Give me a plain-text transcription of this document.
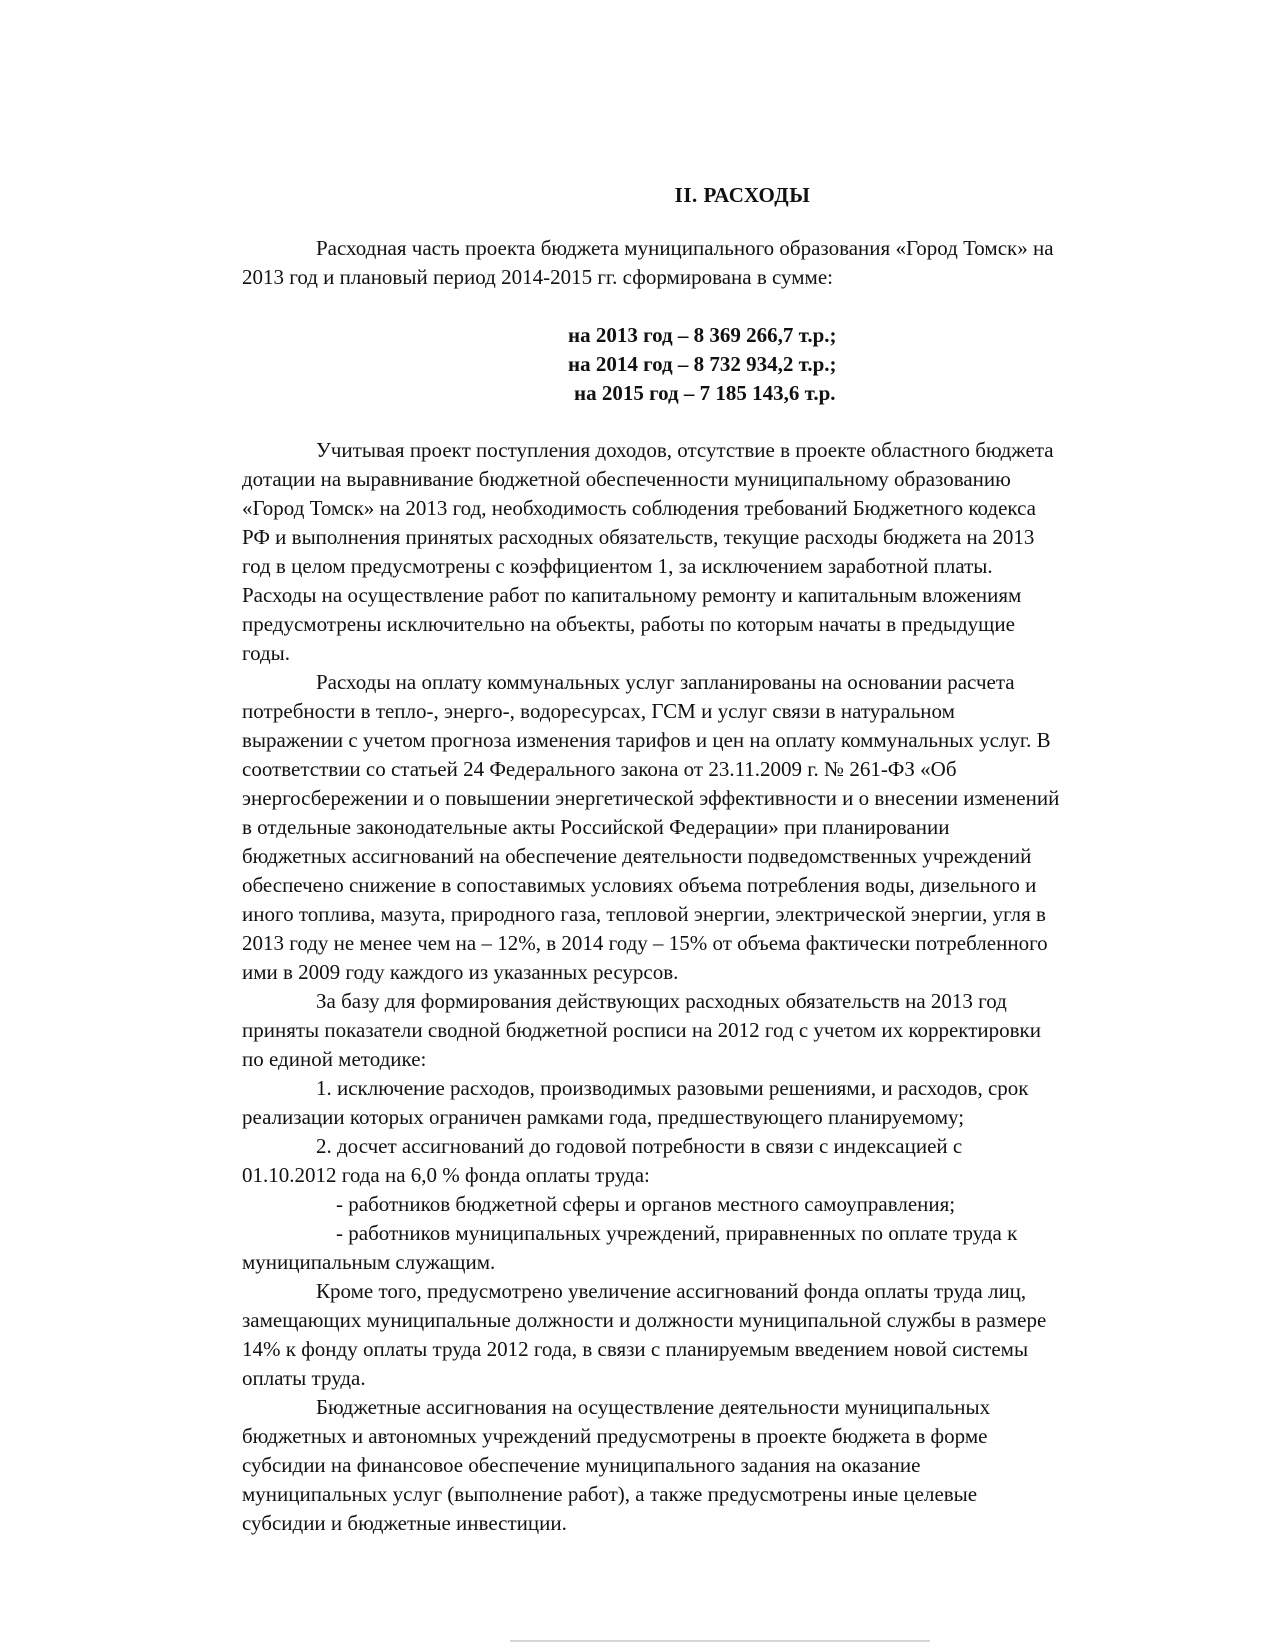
II. РАСХОДЫ
Расходная часть проекта бюджета муниципального образования «Город Томск» на
2013 год и плановый период 2014-2015 гг. сформирована в сумме:
на 2013 год – 8 369 266,7 т.р.;
на 2014 год – 8 732 934,2 т.р.;
на 2015 год – 7 185 143,6 т.р.
Учитывая проект поступления доходов, отсутствие в проекте областного бюджета
дотации на выравнивание бюджетной обеспеченности муниципальному образованию
«Город Томск» на 2013 год, необходимость соблюдения требований Бюджетного кодекса
РФ и выполнения принятых расходных обязательств, текущие расходы бюджета на 2013
год в целом предусмотрены с коэффициентом 1, за исключением заработной платы.
Расходы на осуществление работ по капитальному ремонту и капитальным вложениям
предусмотрены исключительно на объекты, работы по которым начаты в предыдущие
годы.
Расходы на оплату коммунальных услуг запланированы на основании расчета
потребности в тепло-, энерго-, водоресурсах, ГСМ и услуг связи в натуральном
выражении с учетом прогноза изменения тарифов и цен на оплату коммунальных услуг. В
соответствии со статьей 24 Федерального закона от 23.11.2009 г. № 261-ФЗ «Об
энергосбережении и о повышении энергетической эффективности и о внесении изменений
в отдельные законодательные акты Российской Федерации» при планировании
бюджетных ассигнований на обеспечение деятельности подведомственных учреждений
обеспечено снижение в сопоставимых условиях объема потребления воды, дизельного и
иного топлива, мазута, природного газа, тепловой энергии, электрической энергии, угля в
2013 году не менее чем на – 12%, в 2014 году – 15% от объема фактически потребленного
ими в 2009 году каждого из указанных ресурсов.
За базу для формирования действующих расходных обязательств на 2013 год
приняты показатели сводной бюджетной росписи на 2012 год с учетом их корректировки
по единой методике:
1. исключение расходов, производимых разовыми решениями, и расходов, срок
реализации которых ограничен рамками года, предшествующего планируемому;
2. досчет ассигнований до годовой потребности в связи с индексацией с
01.10.2012 года на 6,0 % фонда оплаты труда:
- работников бюджетной сферы и органов местного самоуправления;
- работников муниципальных учреждений, приравненных по оплате труда к
муниципальным служащим.
Кроме того, предусмотрено увеличение ассигнований фонда оплаты труда лиц,
замещающих муниципальные должности и должности муниципальной службы в размере
14% к фонду оплаты труда 2012 года, в связи с планируемым введением новой системы
оплаты труда.
Бюджетные ассигнования на осуществление деятельности муниципальных
бюджетных и автономных учреждений предусмотрены в проекте бюджета в форме
субсидии на финансовое обеспечение муниципального задания на оказание
муниципальных услуг (выполнение работ), а также предусмотрены иные целевые
субсидии и бюджетные инвестиции.
